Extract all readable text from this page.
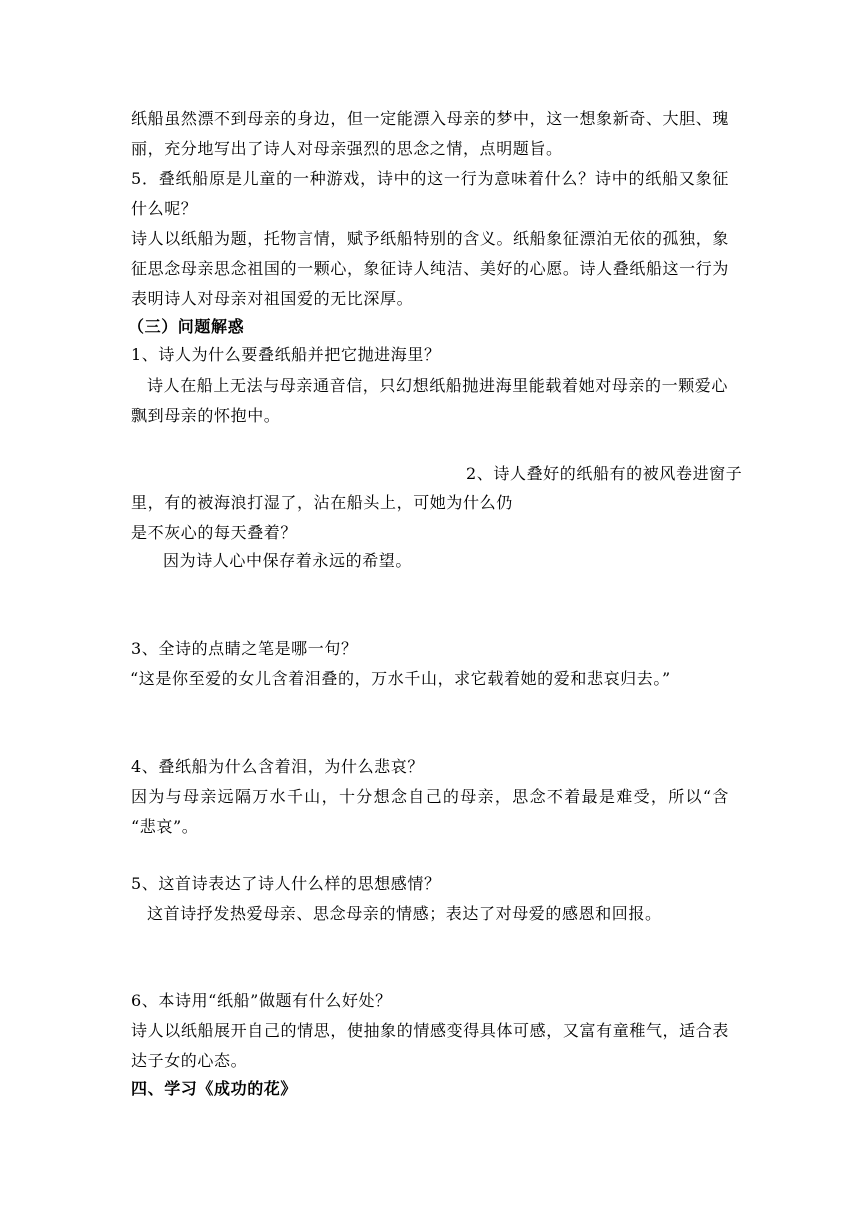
纸船虽然漂不到母亲的身边，但一定能漂入母亲的梦中，这一想象新奇、大胆、瑰
丽，充分地写出了诗人对母亲强烈的思念之情，点明题旨。
5．叠纸船原是儿童的一种游戏，诗中的这一行为意味着什么？诗中的纸船又象征
什么呢？
诗人以纸船为题，托物言情，赋予纸船特别的含义。纸船象征漂泊无依的孤独，象
征思念母亲思念祖国的一颗心，象征诗人纯洁、美好的心愿。诗人叠纸船这一行为
表明诗人对母亲对祖国爱的无比深厚。
（三）问题解惑
1、诗人为什么要叠纸船并把它抛进海里？
诗人在船上无法与母亲通音信，只幻想纸船抛进海里能载着她对母亲的一颗爱心
飘到母亲的怀抱中。
2、诗人叠好的纸船有的被风卷进窗子
里，有的被海浪打湿了，沾在船头上，可她为什么仍
是不灰心的每天叠着？
因为诗人心中保存着永远的希望。
3、全诗的点睛之笔是哪一句？
“这是你至爱的女儿含着泪叠的，万水千山，求它载着她的爱和悲哀归去。”
4、叠纸船为什么含着泪，为什么悲哀？
因为与母亲远隔万水千山，十分想念自己的母亲，思念不着最是难受，所以“含
“悲哀”。
5、这首诗表达了诗人什么样的思想感情？
这首诗抒发热爱母亲、思念母亲的情感；表达了对母爱的感恩和回报。
6、本诗用“纸船”做题有什么好处？
诗人以纸船展开自己的情思，使抽象的情感变得具体可感，又富有童稚气，适合表
达子女的心态。
四、学习《成功的花》
